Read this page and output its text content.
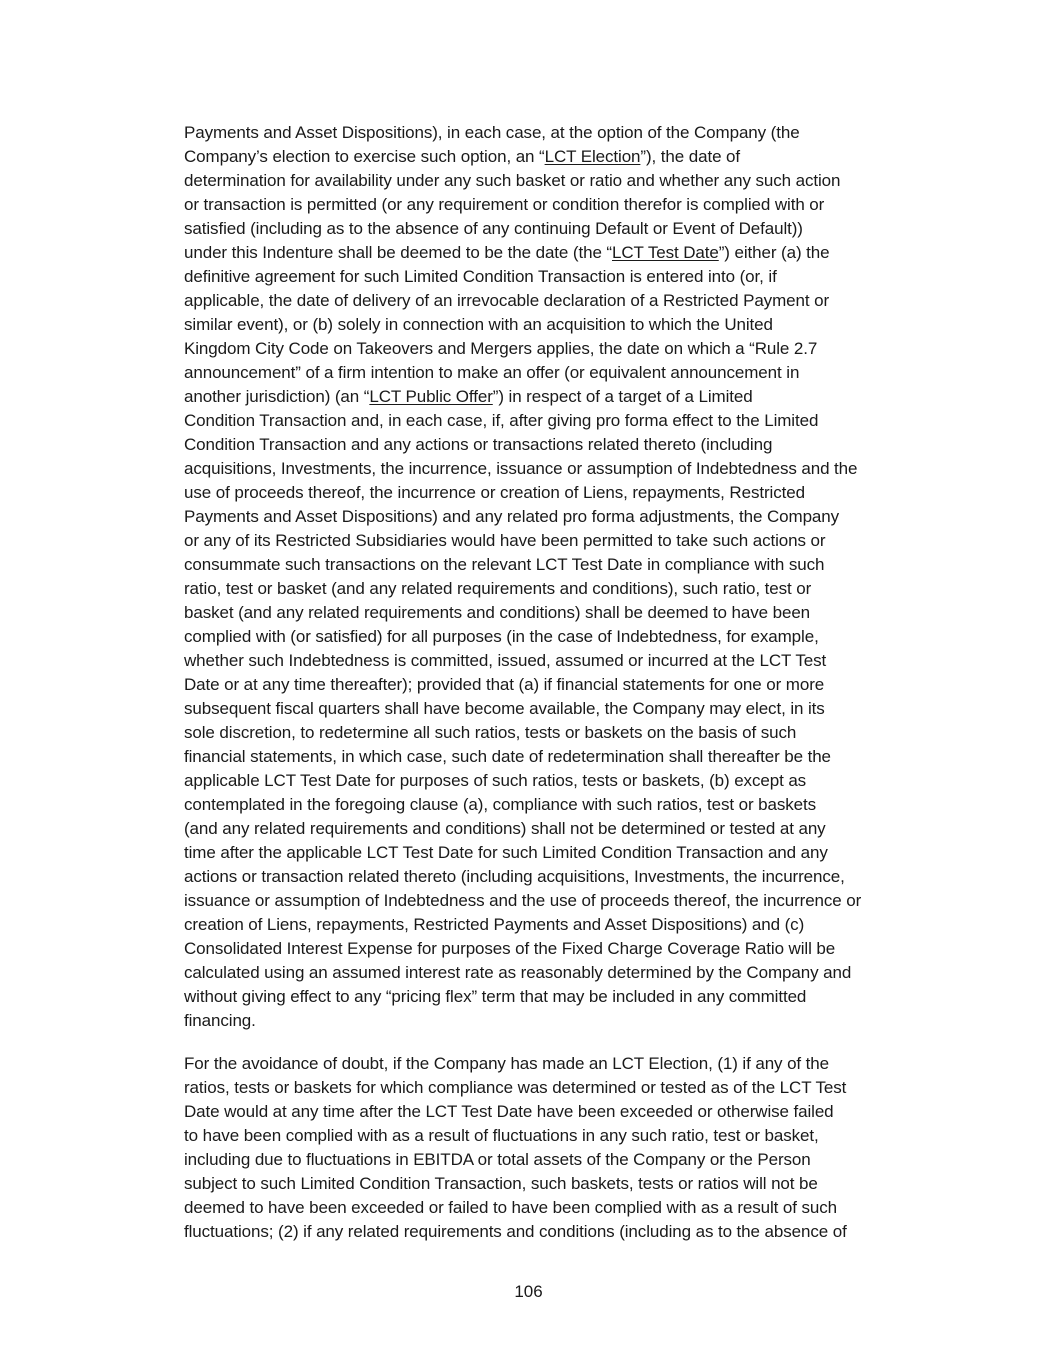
Payments and Asset Dispositions), in each case, at the option of the Company (the
Company’s election to exercise such option, an “LCT Election”), the date of
determination for availability under any such basket or ratio and whether any such action
or transaction is permitted (or any requirement or condition therefor is complied with or
satisfied (including as to the absence of any continuing Default or Event of Default))
under this Indenture shall be deemed to be the date (the “LCT Test Date”) either (a) the
definitive agreement for such Limited Condition Transaction is entered into (or, if
applicable, the date of delivery of an irrevocable declaration of a Restricted Payment or
similar event), or (b) solely in connection with an acquisition to which the United
Kingdom City Code on Takeovers and Mergers applies, the date on which a “Rule 2.7
announcement” of a firm intention to make an offer (or equivalent announcement in
another jurisdiction) (an “LCT Public Offer”) in respect of a target of a Limited
Condition Transaction and, in each case, if, after giving pro forma effect to the Limited
Condition Transaction and any actions or transactions related thereto (including
acquisitions, Investments, the incurrence, issuance or assumption of Indebtedness and the
use of proceeds thereof, the incurrence or creation of Liens, repayments, Restricted
Payments and Asset Dispositions) and any related pro forma adjustments, the Company
or any of its Restricted Subsidiaries would have been permitted to take such actions or
consummate such transactions on the relevant LCT Test Date in compliance with such
ratio, test or basket (and any related requirements and conditions), such ratio, test or
basket (and any related requirements and conditions) shall be deemed to have been
complied with (or satisfied) for all purposes (in the case of Indebtedness, for example,
whether such Indebtedness is committed, issued, assumed or incurred at the LCT Test
Date or at any time thereafter); provided that (a) if financial statements for one or more
subsequent fiscal quarters shall have become available, the Company may elect, in its
sole discretion, to redetermine all such ratios, tests or baskets on the basis of such
financial statements, in which case, such date of redetermination shall thereafter be the
applicable LCT Test Date for purposes of such ratios, tests or baskets, (b) except as
contemplated in the foregoing clause (a), compliance with such ratios, test or baskets
(and any related requirements and conditions) shall not be determined or tested at any
time after the applicable LCT Test Date for such Limited Condition Transaction and any
actions or transaction related thereto (including acquisitions, Investments, the incurrence,
issuance or assumption of Indebtedness and the use of proceeds thereof, the incurrence or
creation of Liens, repayments, Restricted Payments and Asset Dispositions) and (c)
Consolidated Interest Expense for purposes of the Fixed Charge Coverage Ratio will be
calculated using an assumed interest rate as reasonably determined by the Company and
without giving effect to any “pricing flex” term that may be included in any committed
financing.
For the avoidance of doubt, if the Company has made an LCT Election, (1) if any of the
ratios, tests or baskets for which compliance was determined or tested as of the LCT Test
Date would at any time after the LCT Test Date have been exceeded or otherwise failed
to have been complied with as a result of fluctuations in any such ratio, test or basket,
including due to fluctuations in EBITDA or total assets of the Company or the Person
subject to such Limited Condition Transaction, such baskets, tests or ratios will not be
deemed to have been exceeded or failed to have been complied with as a result of such
fluctuations; (2) if any related requirements and conditions (including as to the absence of
106
